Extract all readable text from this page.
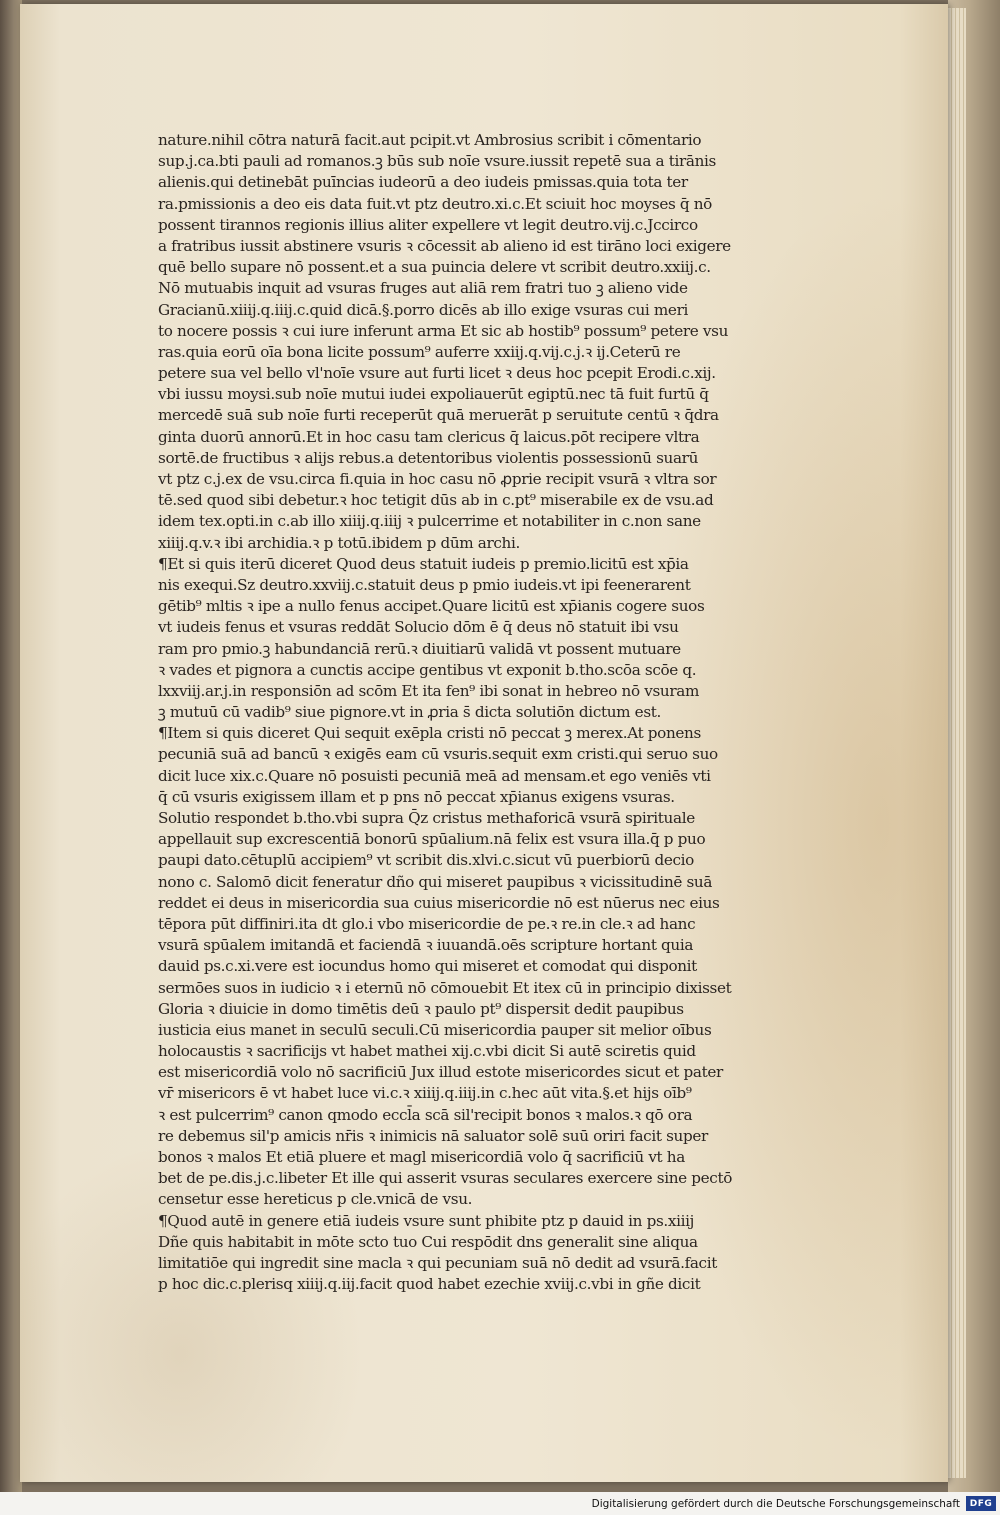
nature.nihil cōtra naturā facit.aut pcipit.vt Ambrosius scribit i cōmentario
sup.j.ca.bti pauli ad romanos.ꝫ būs sub noīe vsure.iussit repetē sua a tirānis
alienis.qui detinebāt puīncias iudeorū a deo iudeis pmissas.quia tota ter
ra.pmissionis a deo eis data fuit.vt ptz deutro.xi.c.Et sciuit hoc moyses q̄ nō
possent tirannos regionis illius aliter expellere vt legit deutro.vij.c.Jccirco
a fratribus iussit abstinere vsuris ꝛ cōcessit ab alieno id est tirāno loci exigere
quē bello supare nō possent.et a sua puincia delere vt scribit deutro.xxiij.c.
Nō mutuabis inquit ad vsuras fruges aut aliā rem fratri tuo ꝫ alieno vide
Gracianū.xiiij.q.iiij.c.quid dicā.§.porro dicēs ab illo exige vsuras cui meri
to nocere possis ꝛ cui iure inferunt arma Et sic ab hostib⁹ possum⁹ petere vsu
ras.quia eorū oīa bona licite possum⁹ auferre xxiij.q.vij.c.j.ꝛ ij.Ceterū re
petere sua vel bello vl'noīe vsure aut furti licet ꝛ deus hoc pcepit Erodi.c.xij.
vbi iussu moysi.sub noīe mutui iudei expoliauerūt egiptū.nec tā fuit furtū q̄
mercedē suā sub noīe furti receperūt quā meruerāt p seruitute centū ꝛ q̄dra
ginta duorū annorū.Et in hoc casu tam clericus q̄ laicus.pōt recipere vltra
sortē.de fructibus ꝛ alijs rebus.a detentoribus violentis possessionū suarū
vt ptz c.j.ex de vsu.circa fi.quia in hoc casu nō ꝓprie recipit vsurā ꝛ vltra sor
tē.sed quod sibi debetur.ꝛ hoc tetigit dūs ab in c.pt⁹ miserabile ex de vsu.ad
idem tex.opti.in c.ab illo xiiij.q.iiij ꝛ pulcerrime et notabiliter in c.non sane
xiiij.q.v.ꝛ ibi archidia.ꝛ p totū.ibidem p dūm archi.
¶Et si quis iterū diceret Quod deus statuit iudeis p premio.licitū est xp̄ia
nis exequi.Sz deutro.xxviij.c.statuit deus p pmio iudeis.vt ipi feenerarent
gētib⁹ mltis ꝛ ipe a nullo fenus accipet.Quare licitū est xp̄ianis cogere suos
vt iudeis fenus et vsuras reddāt Solucio dōm ē q̄ deus nō statuit ibi vsu
ram pro pmio.ꝫ habundanciā rerū.ꝛ diuitiarū validā vt possent mutuare
ꝛ vades et pignora a cunctis accipe gentibus vt exponit b.tho.scōa scōe q.
lxxviij.ar.j.in responsiōn ad scōm Et ita fen⁹ ibi sonat in hebreo nō vsuram
ꝫ mutuū cū vadib⁹ siue pignore.vt in ꝓria s̄ dicta solutiōn dictum est.
¶Item si quis diceret Qui sequit exēpla cristi nō peccat ꝫ merex.At ponens
pecuniā suā ad bancū ꝛ exigēs eam cū vsuris.sequit exm cristi.qui seruo suo
dicit luce xix.c.Quare nō posuisti pecuniā meā ad mensam.et ego veniēs vti
q̄ cū vsuris exigissem illam et p pns nō peccat xp̄ianus exigens vsuras.
Solutio respondet b.tho.vbi supra Q̄z cristus methaforicā vsurā spirituale
appellauit sup excrescentiā bonorū spūalium.nā felix est vsura illa.q̄ p puo
paupi dato.cētuplū accipiem⁹ vt scribit dis.xlvi.c.sicut vū puerbiorū decio
nono c. Salomō dicit feneratur dño qui miseret paupibus ꝛ vicissitudinē suā
reddet ei deus in misericordia sua cuius misericordie nō est nūerus nec eius
tēpora pūt diffiniri.ita dt glo.i vbo misericordie de pe.ꝛ re.in cle.ꝛ ad hanc
vsurā spūalem imitandā et faciendā ꝛ iuuandā.oēs scripture hortant quia
dauid ps.c.xi.vere est iocundus homo qui miseret et comodat qui disponit
sermōes suos in iudicio ꝛ i eternū nō cōmouebit Et itex cū in principio dixisset
Gloria ꝛ diuicie in domo timētis deū ꝛ paulo pt⁹ dispersit dedit paupibus
iusticia eius manet in seculū seculi.Cū misericordia pauper sit melior oībus
holocaustis ꝛ sacrificijs vt habet mathei xij.c.vbi dicit Si autē sciretis quid
est misericordiā volo nō sacrificiū Jux illud estote misericordes sicut et pater
vr̄ misericors ē vt habet luce vi.c.ꝛ xiiij.q.iiij.in c.hec aūt vita.§.et hijs oīb⁹
ꝛ est pulcerrim⁹ canon qmodo eccl̄a scā sil'recipit bonos ꝛ malos.ꝛ qō ora
re debemus sil'p amicis nr̄is ꝛ inimicis nā saluator solē suū oriri facit super
bonos ꝛ malos Et etiā pluere et magl misericordiā volo q̄ sacrificiū vt ha
bet de pe.dis.j.c.libeter Et ille qui asserit vsuras seculares exercere sine pectō
censetur esse hereticus p cle.vnicā de vsu.
¶Quod autē in genere etiā iudeis vsure sunt phibite ptz p dauid in ps.xiiij
Dñe quis habitabit in mōte scto tuo Cui respōdit dns generalit sine aliqua
limitatiōe qui ingredit sine macla ꝛ qui pecuniam suā nō dedit ad vsurā.facit
p hoc dic.c.plerisq xiiij.q.iij.facit quod habet ezechie xviij.c.vbi in gñe dicit
Digitalisierung gefördert durch die Deutsche Forschungsgemeinschaft	DFG
